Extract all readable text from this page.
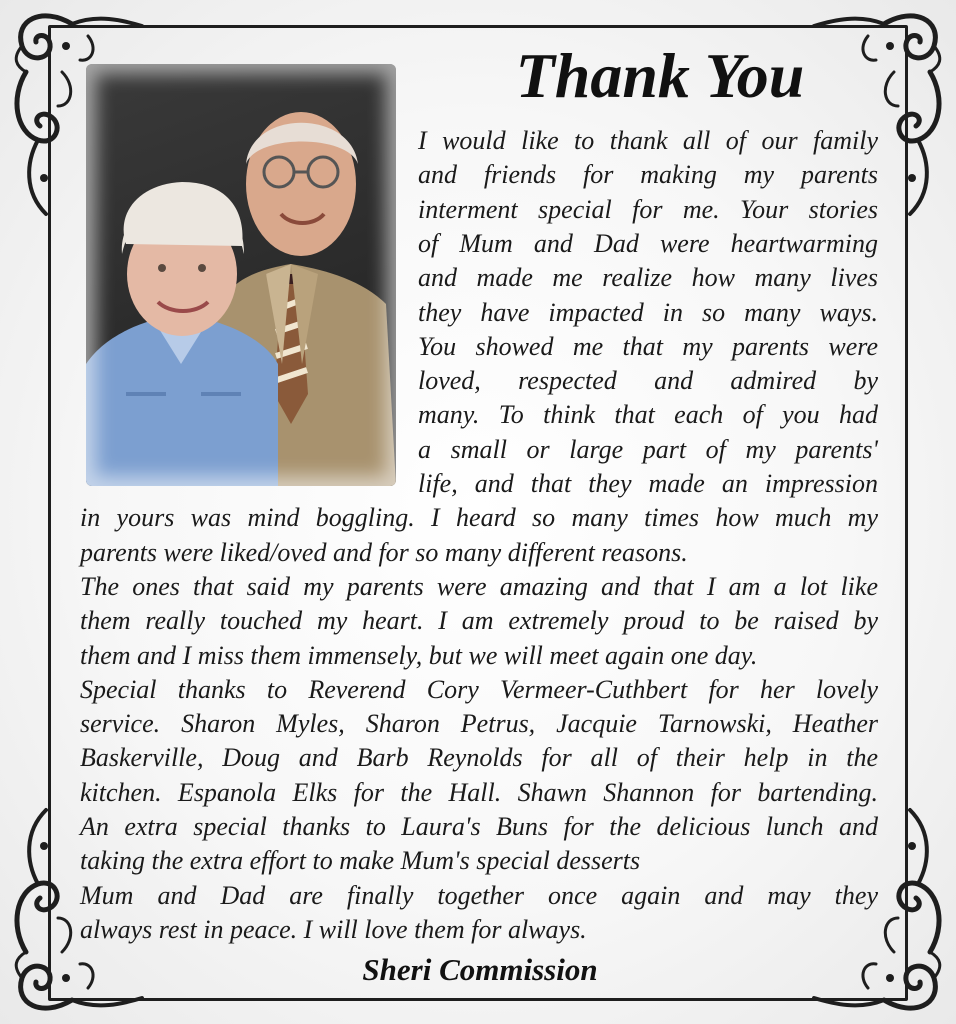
Thank You
I would like to thank all of our family
and friends for making my parents
interment special for me. Your stories
of Mum and Dad were heartwarming
and made me realize how many lives
they have impacted in so many ways.
You showed me that my parents were
loved, respected and admired by
many. To think that each of you had
a small or large part of my parents'
life, and that they made an impression
in yours was mind boggling. I heard so many times how much my
parents were liked/oved and for so many different reasons.
The ones that said my parents were amazing and that I am a lot like
them really touched my heart. I am extremely proud to be raised by
them and I miss them immensely, but we will meet again one day.
Special thanks to Reverend Cory Vermeer-Cuthbert for her lovely
service. Sharon Myles, Sharon Petrus, Jacquie Tarnowski, Heather
Baskerville, Doug and Barb Reynolds for all of their help in the
kitchen. Espanola Elks for the Hall. Shawn Shannon for bartending.
An extra special thanks to Laura's Buns for the delicious lunch and
taking the extra effort to make Mum's special desserts
Mum and Dad are finally together once again and may they
always rest in peace. I will love them for always.
Sheri Commission
